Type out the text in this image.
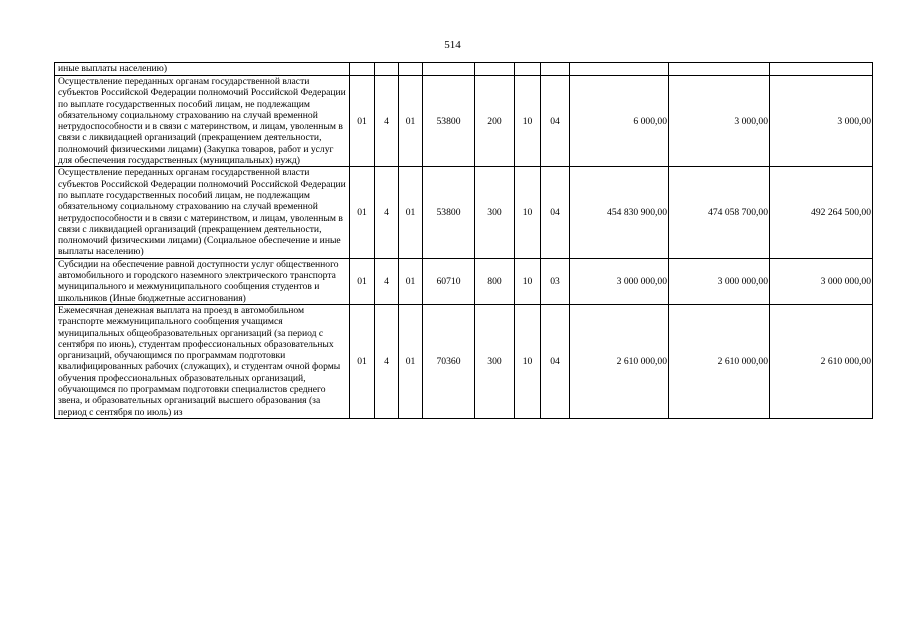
514
иные выплаты населению)										
Осуществление переданных органам государственной власти субъектов Российской Федерации полномочий Российской Федерации по выплате государственных пособий лицам, не подлежащим обязательному социальному страхованию на случай временной нетрудоспособности и в связи с материнством, и лицам, уволенным в связи с ликвидацией организаций (прекращением деятельности, полномочий физическими лицами) (Закупка товаров, работ и услуг для обеспечения государственных (муниципальных) нужд)	01	4	01	53800	200	10	04	6 000,00	3 000,00	3 000,00
Осуществление переданных органам государственной власти субъектов Российской Федерации полномочий Российской Федерации по выплате государственных пособий лицам, не подлежащим обязательному социальному страхованию на случай временной нетрудоспособности и в связи с материнством, и лицам, уволенным в связи с ликвидацией организаций (прекращением деятельности, полномочий физическими лицами) (Социальное обеспечение и иные выплаты населению)	01	4	01	53800	300	10	04	454 830 900,00	474 058 700,00	492 264 500,00
Субсидии на обеспечение равной доступности услуг общественного автомобильного и городского наземного электрического транспорта муниципального и межмуниципального сообщения студентов и школьников (Иные бюджетные ассигнования)	01	4	01	60710	800	10	03	3 000 000,00	3 000 000,00	3 000 000,00
Ежемесячная денежная выплата на проезд в автомобильном транспорте межмуниципального сообщения учащимся муниципальных общеобразовательных организаций (за период с сентября по июнь), студентам профессиональных образовательных организаций, обучающимся по программам подготовки квалифицированных рабочих (служащих), и студентам очной формы обучения профессиональных образовательных организаций, обучающимся по программам подготовки специалистов среднего звена, и образовательных организаций высшего образования (за период с сентября по июль) из	01	4	01	70360	300	10	04	2 610 000,00	2 610 000,00	2 610 000,00
